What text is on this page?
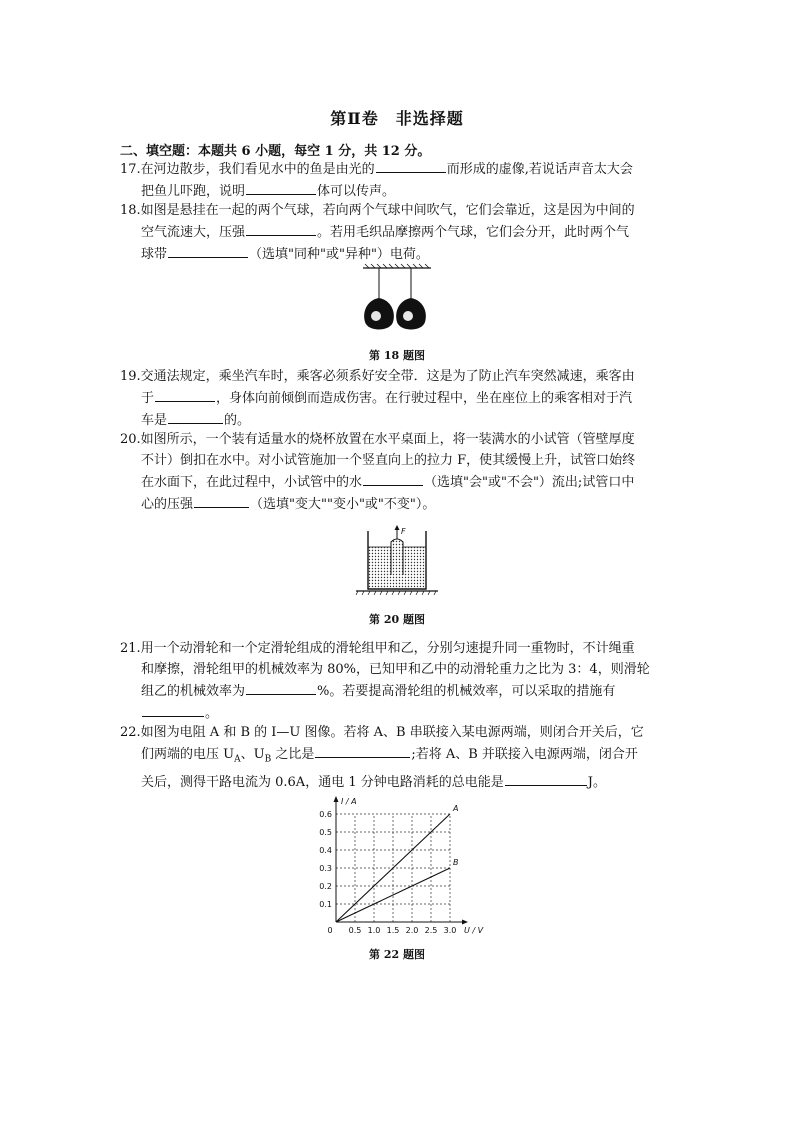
第Ⅱ卷　非选择题
二、填空题：本题共 6 小题，每空 1 分，共 12 分。
17.在河边散步，我们看见水中的鱼是由光的	而形成的虚像,若说话声音太大会
把鱼儿吓跑，说明	体可以传声。
18.如图是悬挂在一起的两个气球，若向两个气球中间吹气，它们会靠近，这是因为中间的
空气流速大，压强	。若用毛织品摩擦两个气球，它们会分开，此时两个气
球带	（选填"同种"或"异种"）电荷。
第 18 题图
19.交通法规定，乘坐汽车时，乘客必须系好安全带．这是为了防止汽车突然减速，乘客由
于	，身体向前倾倒而造成伤害。在行驶过程中，坐在座位上的乘客相对于汽
车是	的。
20.如图所示，一个装有适量水的烧杯放置在水平桌面上，将一装满水的小试管（管壁厚度
不计）倒扣在水中。对小试管施加一个竖直向上的拉力 F，使其缓慢上升，试管口始终
在水面下，在此过程中，小试管中的水	（选填"会"或"不会"）流出;试管口中
心的压强	（选填"变大""变小"或"不变"）。
F
第 20 题图
21.用一个动滑轮和一个定滑轮组成的滑轮组甲和乙，分别匀速提升同一重物时，不计绳重
和摩擦，滑轮组甲的机械效率为 80%，已知甲和乙中的动滑轮重力之比为 3：4，则滑轮
组乙的机械效率为	%。若要提高滑轮组的机械效率，可以采取的措施有
。
22.如图为电阻 A 和 B 的 I—U 图像。若将 A、B 串联接入某电源两端，则闭合开关后，它
们两端的电压 $U_A$、$U_B$ 之比是	;若将 A、B 并联接入电源两端，闭合开
关后，测得干路电流为 0.6A，通电 1 分钟电路消耗的总电能是	J。
0.5 1.0 1.5 2.0 2.5 3.0
0.1
0.2
0.3
0.4
0.5
0.6
0	U / V
I / A
A
B
第 22 题图
